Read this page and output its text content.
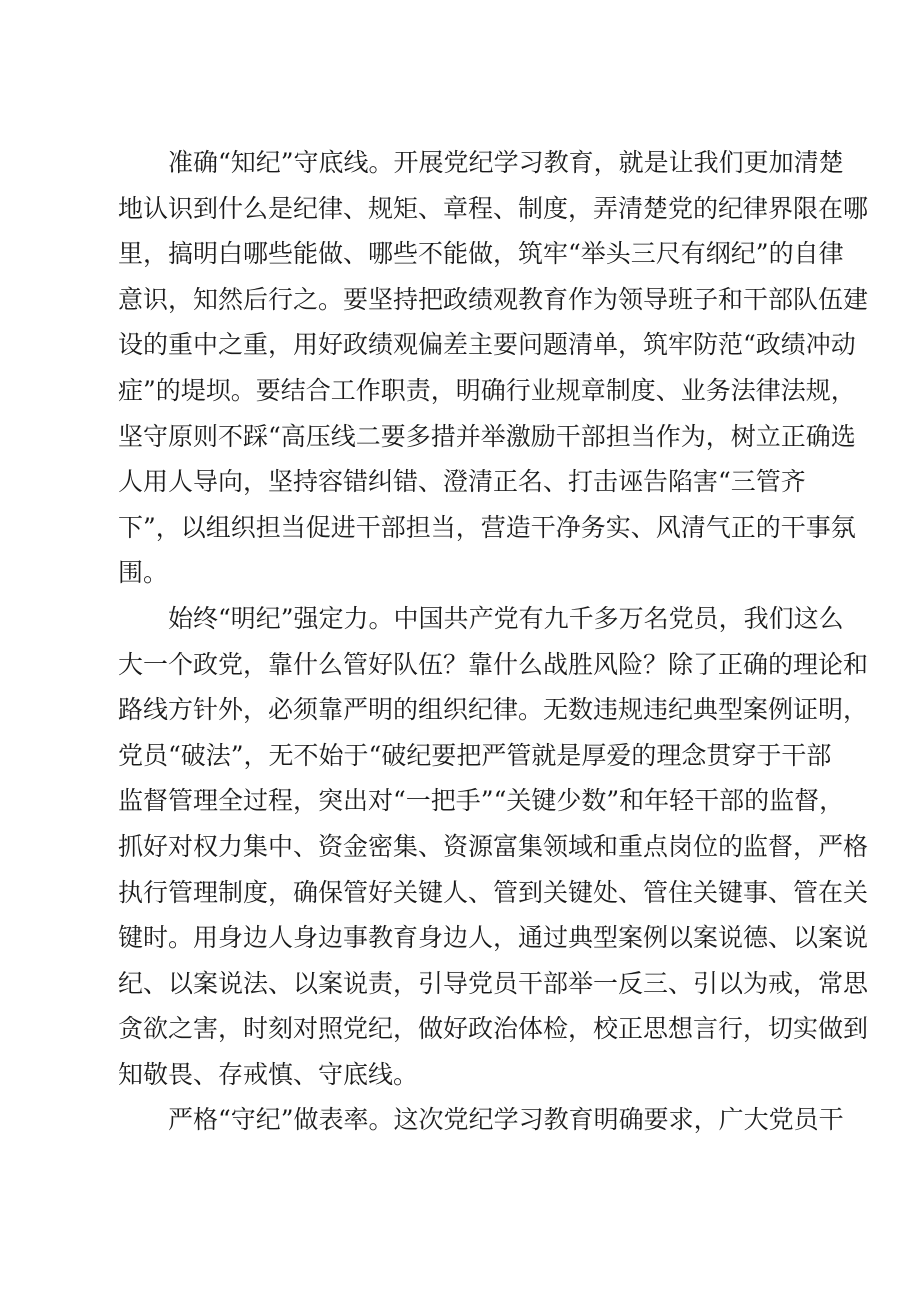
准确“知纪”守底线。开展党纪学习教育，就是让我们更加清楚
地认识到什么是纪律、规矩、章程、制度，弄清楚党的纪律界限在哪
里，搞明白哪些能做、哪些不能做，筑牢“举头三尺有纲纪”的自律
意识，知然后行之。要坚持把政绩观教育作为领导班子和干部队伍建
设的重中之重，用好政绩观偏差主要问题清单，筑牢防范“政绩冲动
症”的堤坝。要结合工作职责，明确行业规章制度、业务法律法规，
坚守原则不踩“高压线二要多措并举激励干部担当作为，树立正确选
人用人导向，坚持容错纠错、澄清正名、打击诬告陷害“三管齐
下”，以组织担当促进干部担当，营造干净务实、风清气正的干事氛
围。
始终“明纪”强定力。中国共产党有九千多万名党员，我们这么
大一个政党，靠什么管好队伍？靠什么战胜风险？除了正确的理论和
路线方针外，必须靠严明的组织纪律。无数违规违纪典型案例证明，
党员“破法”，无不始于“破纪要把严管就是厚爱的理念贯穿于干部
监督管理全过程，突出对“一把手”“关键少数”和年轻干部的监督，
抓好对权力集中、资金密集、资源富集领域和重点岗位的监督，严格
执行管理制度，确保管好关键人、管到关键处、管住关键事、管在关
键时。用身边人身边事教育身边人，通过典型案例以案说德、以案说
纪、以案说法、以案说责，引导党员干部举一反三、引以为戒，常思
贪欲之害，时刻对照党纪，做好政治体检，校正思想言行，切实做到
知敬畏、存戒慎、守底线。
严格“守纪”做表率。这次党纪学习教育明确要求，广大党员干
